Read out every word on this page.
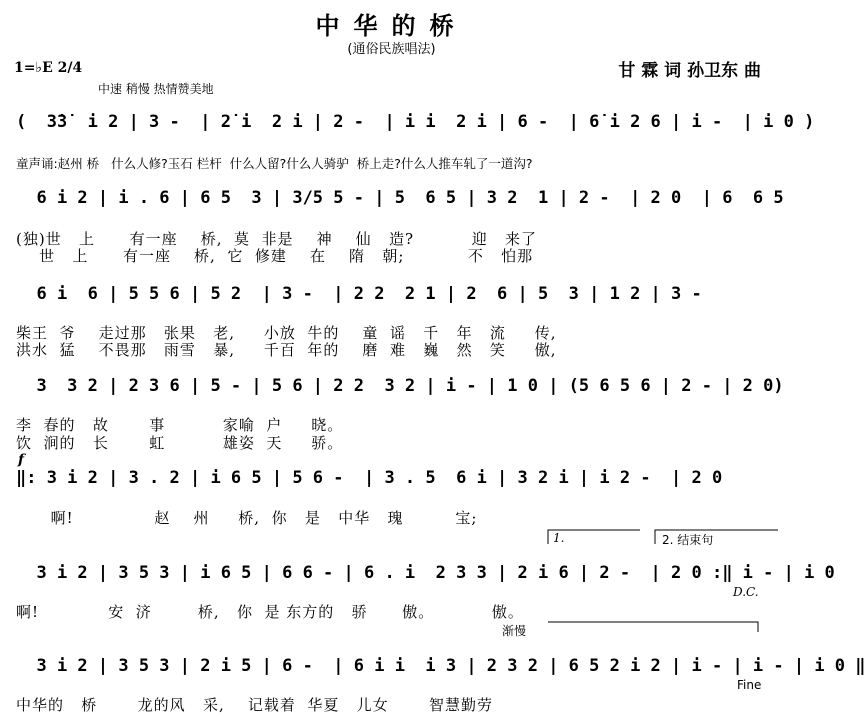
中华的桥
(通俗民族唱法)
甘 霖 词 孙卫东 曲
1=♭E 2/4
中速 稍慢 热情赞美地
(  3̇3̇  i 2 | 3 -  | 2̇ i  2 i | 2 -  | i i  2 i | 6 -  | 6̇ i 2 6 | i -  | i 0 )
童声诵:赵州 桥   什么人修?玉石 栏杆  什么人留?什么人骑驴  桥上走?什么人推车轧了一道沟?
6 i 2 | i . 6 | 6 5  3 | 3/5 5 - | 5  6 5 | 3 2  1 | 2 -  | 2 0  | 6  6 5
(独)世   上      有一座    桥,  莫  非是    神    仙   造?          迎   来了
世   上      有一座    桥,  它  修建    在    隋   朝;           不   怕那
6 i  6 | 5 5 6 | 5 2  | 3 -  | 2 2  2 1 | 2  6 | 5  3 | 1 2 | 3 -
柴王  爷    走过那   张果   老,     小放  牛的    童  谣   千   年   流     传,
洪水  猛    不畏那   雨雪   暴,     千百  年的    磨  难   巍   然   笑     傲,
3  3 2 | 2 3 6 | 5 - | 5 6 | 2 2  3 2 | i - | 1 0 | (5 6 5 6 | 2 - | 2 0)
李  春的   故       事          家喻  户     晓。
饮  涧的   长       虹          雄姿  天     骄。
f
‖: 3 i 2 | 3 . 2 | i 6 5 | 5 6 -  | 3 . 5  6 i | 3 2 i | i 2 -  | 2 0
啊!              赵    州     桥,  你   是   中华   瑰         宝;
1.	2. 结束句
3 i 2 | 3 5 3 | i 6 5 | 6 6 - | 6 . i  2 3 3 | 2 i 6 | 2 -  | 2 0 :‖ i - | i 0
D.C.
啊!            安  济        桥,   你  是 东方的   骄      傲。          傲。
渐慢
3 i 2 | 3 5 3 | 2 i 5 | 6 -  | 6 i i  i 3 | 2 3 2 | 6 5 2 i 2 | i - | i - | i 0 ‖
Fine
中华的   桥       龙的风   采,    记载着  华夏   儿女       智慧勤劳
